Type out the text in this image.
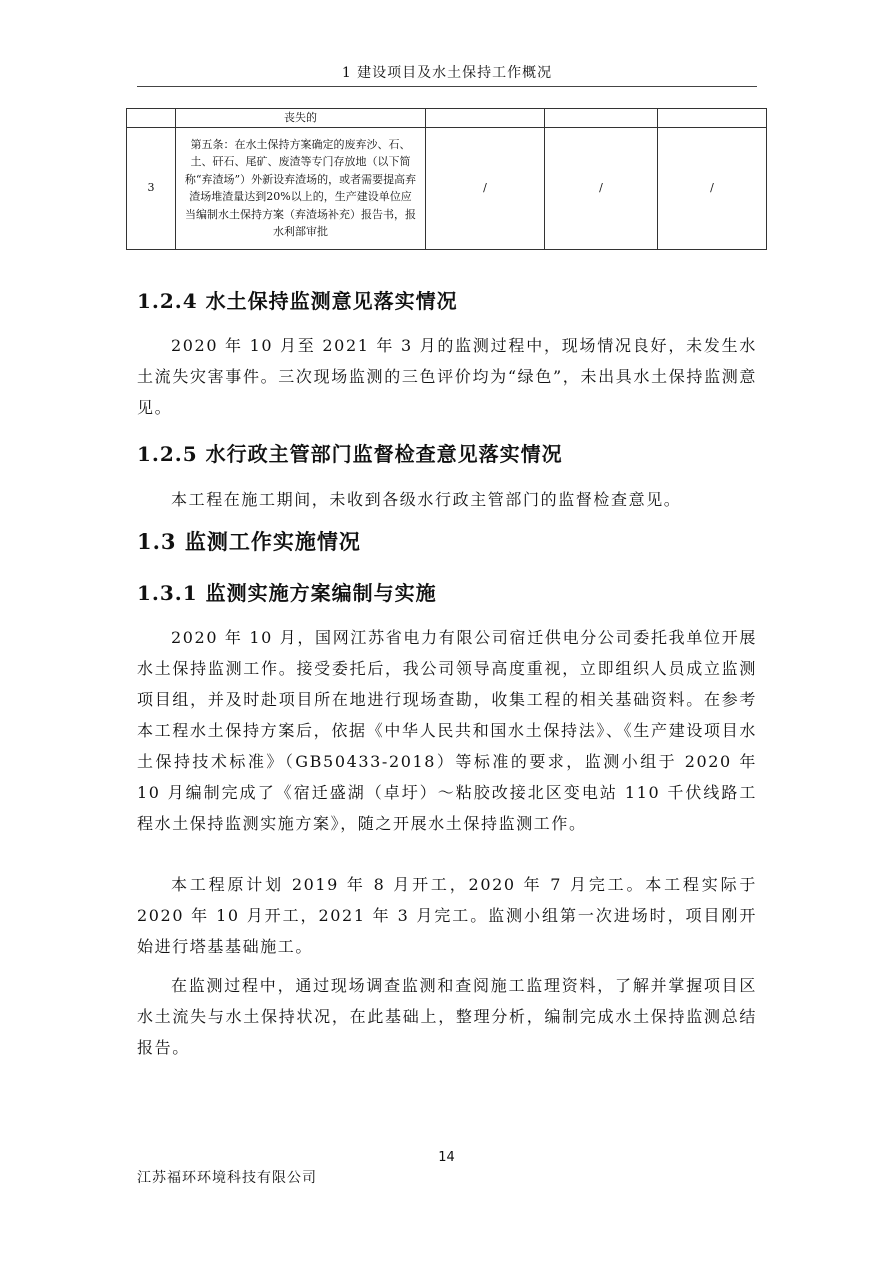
1 建设项目及水土保持工作概况
	丧失的			
3	第五条：在水土保持方案确定的废弃沙、石、土、矸石、尾矿、废渣等专门存放地（以下简称“弃渣场”）外新设弃渣场的，或者需要提高弃渣场堆渣量达到20%以上的，生产建设单位应当编制水土保持方案（弃渣场补充）报告书，报水利部审批	/	/	/
1.2.4 水土保持监测意见落实情况

2020 年 10 月至 2021 年 3 月的监测过程中，现场情况良好，未发生水土流失灾害事件。三次现场监测的三色评价均为“绿色”，未出具水土保持监测意见。

1.2.5 水行政主管部门监督检查意见落实情况

本工程在施工期间，未收到各级水行政主管部门的监督检查意见。

1.3 监测工作实施情况
1.3.1 监测实施方案编制与实施

2020 年 10 月，国网江苏省电力有限公司宿迁供电分公司委托我单位开展水土保持监测工作。接受委托后，我公司领导高度重视，立即组织人员成立监测项目组，并及时赴项目所在地进行现场查勘，收集工程的相关基础资料。在参考本工程水土保持方案后，依据《中华人民共和国水土保持法》、《生产建设项目水土保持技术标准》（GB50433-2018）等标准的要求，监测小组于 2020 年 10 月编制完成了《宿迁盛湖（卓圩）～粘胶改接北区变电站 110 千伏线路工程水土保持监测实施方案》，随之开展水土保持监测工作。

本工程原计划 2019 年 8 月开工，2020 年 7 月完工。本工程实际于 2020 年 10 月开工，2021 年 3 月完工。监测小组第一次进场时，项目刚开始进行塔基基础施工。

在监测过程中，通过现场调查监测和查阅施工监理资料，了解并掌握项目区水土流失与水土保持状况，在此基础上，整理分析，编制完成水土保持监测总结报告。

14
江苏福环环境科技有限公司
